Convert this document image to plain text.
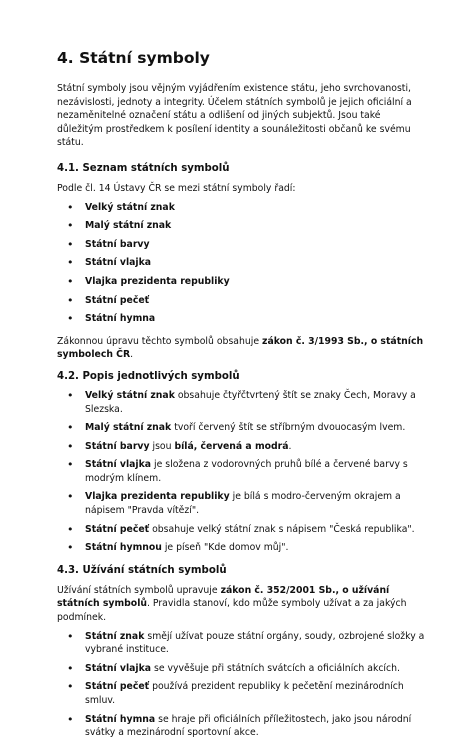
4. Státní symboly

Státní symboly jsou vějným vyjádřením existence státu, jeho svrchovanosti, nezávislosti, jednoty a integrity. Účelem státních symbolů je jejich oficiální a nezaměnitelné označení státu a odlišení od jiných subjektů. Jsou také důležitým prostředkem k posílení identity a sounáležitosti občanů ke svému státu.

4.1. Seznam státních symbolů

Podle čl. 14 Ústavy ČR se mezi státní symboly řadí:

• Velký státní znak
• Malý státní znak
• Státní barvy
• Státní vlajka
• Vlajka prezidenta republiky
• Státní pečeť
• Státní hymna

Zákonnou úpravu těchto symbolů obsahuje zákon č. 3/1993 Sb., o státních symbolech ČR.

4.2. Popis jednotlivých symbolů
• Velký státní znak obsahuje čtyřčtvrtený štít se znaky Čech, Moravy a Slezska.
• Malý státní znak tvoří červený štít se stříbrným dvouocasým lvem.
• Státní barvy jsou bílá, červená a modrá.
• Státní vlajka je složena z vodorovných pruhů bílé a červené barvy s modrým klínem.
• Vlajka prezidenta republiky je bílá s modro-červeným okrajem a nápisem "Pravda vítězí".
• Státní pečeť obsahuje velký státní znak s nápisem "Česká republika".
• Státní hymnou je píseň "Kde domov můj".
4.3. Užívání státních symbolů

Užívání státních symbolů upravuje zákon č. 352/2001 Sb., o užívání státních symbolů. Pravidla stanoví, kdo může symboly užívat a za jakých podmínek.

• Státní znak smějí užívat pouze státní orgány, soudy, ozbrojené složky a vybrané instituce.
• Státní vlajka se vyvěšuje při státních svátcích a oficiálních akcích.
• Státní pečeť používá prezident republiky k pečetění mezinárodních smluv.
• Státní hymna se hraje při oficiálních příležitostech, jako jsou národní svátky a mezinárodní sportovní akce.
